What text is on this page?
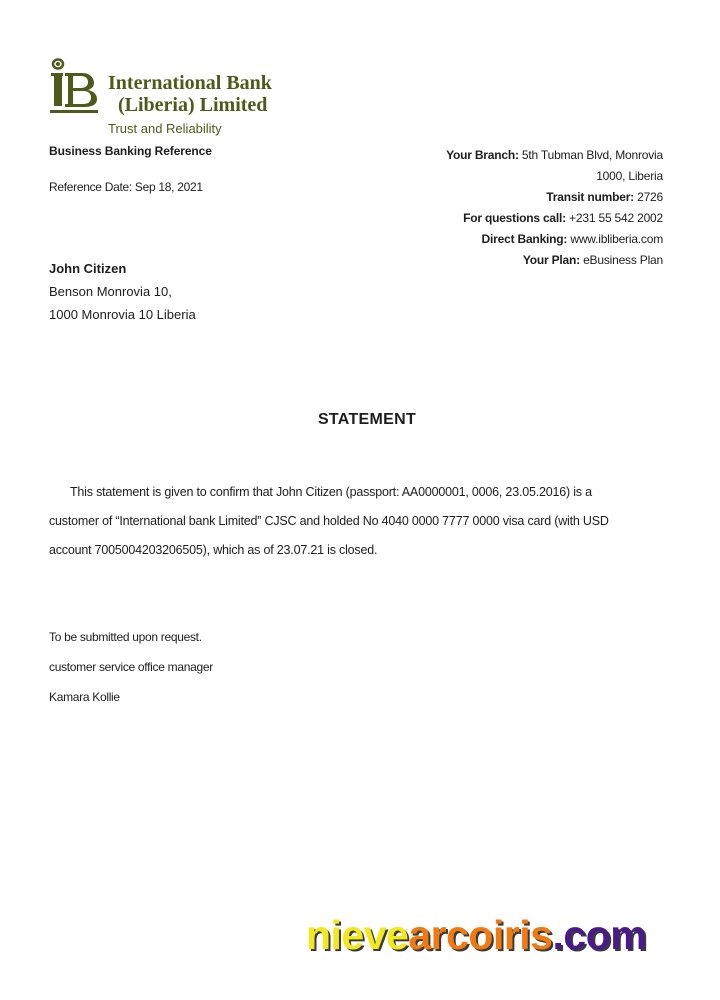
International Bank
(Liberia) Limited
Trust and Reliability
Business Banking Reference
Reference Date: Sep 18, 2021
Your Branch: 5th Tubman Blvd, Monrovia
1000, Liberia
Transit number: 2726
For questions call: +231 55 542 2002
Direct Banking: www.ibliberia.com
Your Plan: eBusiness Plan
John Citizen
Benson Monrovia 10,
1000 Monrovia 10 Liberia
STATEMENT
This statement is given to confirm that John Citizen (passport: AA0000001, 0006, 23.05.2016) is a
customer of “International bank Limited” CJSC and holded No 4040 0000 7777 0000 visa card (with USD
account 7005004203206505), which as of 23.07.21 is closed.
To be submitted upon request.
customer service office manager
Kamara Kollie
nievearcoiris.com
